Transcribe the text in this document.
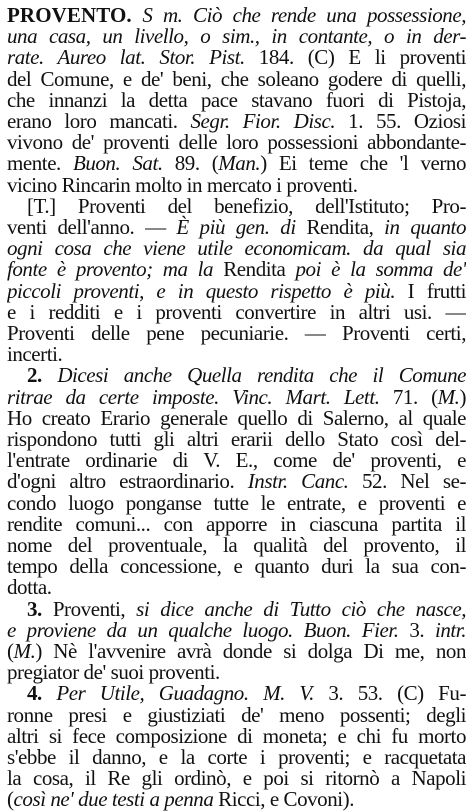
PROVENTO. S m. Ciò che rende una possessione,
una casa, un livello, o sim., in contante, o in der-
rate. Aureo lat. Stor. Pist. 184. (C) E li proventi
del Comune, e de' beni, che soleano godere di quelli,
che innanzi la detta pace stavano fuori di Pistoja,
erano loro mancati. Segr. Fior. Disc. 1. 55. Oziosi
vivono de' proventi delle loro possessioni abbondante-
mente. Buon. Sat. 89. (Man.) Ei teme che 'l verno
vicino Rincarin molto in mercato i proventi.
[T.] Proventi del benefizio, dell'Istituto; Pro-
venti dell'anno. — È più gen. di Rendita, in quanto
ogni cosa che viene utile economicam. da qual sia
fonte è provento; ma la Rendita poi è la somma de'
piccoli proventi, e in questo rispetto è più. I frutti
e i redditi e i proventi convertire in altri usi. —
Proventi delle pene pecuniarie. — Proventi certi,
incerti.
2. Dicesi anche Quella rendita che il Comune
ritrae da certe imposte. Vinc. Mart. Lett. 71. (M.)
Ho creato Erario generale quello di Salerno, al quale
rispondono tutti gli altri erarii dello Stato così del-
l'entrate ordinarie di V. E., come de' proventi, e
d'ogni altro estraordinario. Instr. Canc. 52. Nel se-
condo luogo ponganse tutte le entrate, e proventi e
rendite comuni... con apporre in ciascuna partita il
nome del proventuale, la qualità del provento, il
tempo della concessione, e quanto duri la sua con-
dotta.
3. Proventi, si dice anche di Tutto ciò che nasce,
e proviene da un qualche luogo. Buon. Fier. 3. intr.
(M.) Nè l'avvenire avrà donde si dolga Di me, non
pregiator de' suoi proventi.
4. Per Utile, Guadagno. M. V. 3. 53. (C) Fu-
ronne presi e giustiziati de' meno possenti; degli
altri si fece composizione di moneta; e chi fu morto
s'ebbe il danno, e la corte i proventi; e racquetata
la cosa, il Re gli ordinò, e poi si ritornò a Napoli
(così ne' due testi a penna Ricci, e Covoni).
